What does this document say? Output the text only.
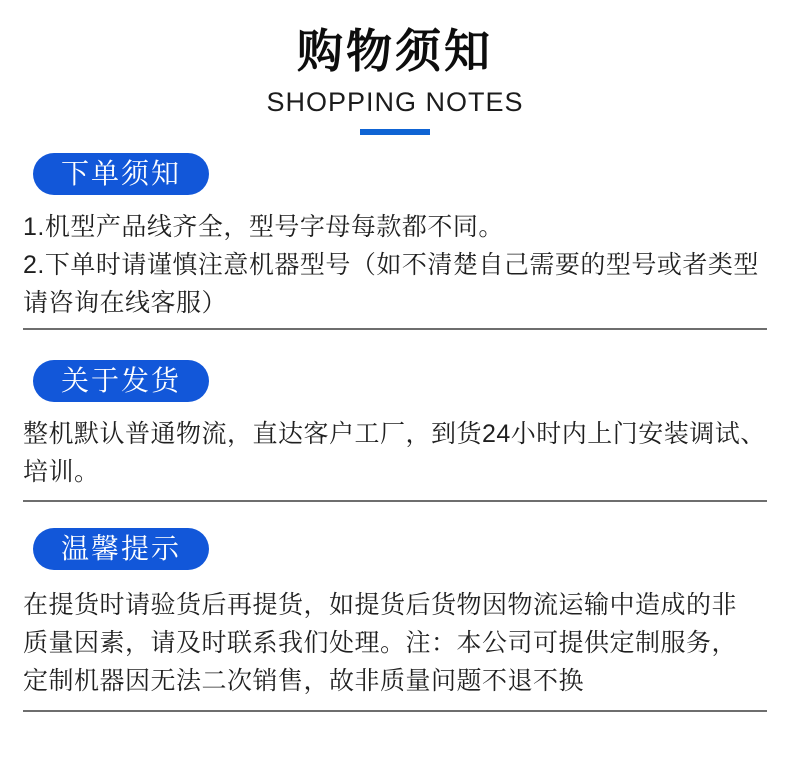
购物须知
SHOPPING NOTES
下单须知
1.机型产品线齐全，型号字母每款都不同。
2.下单时请谨慎注意机器型号（如不清楚自己需要的型号或者类型
请咨询在线客服）
关于发货
整机默认普通物流，直达客户工厂，到货24小时内上门安装调试、
培训。
温馨提示
在提货时请验货后再提货，如提货后货物因物流运输中造成的非
质量因素，请及时联系我们处理。注：本公司可提供定制服务，
定制机器因无法二次销售，故非质量问题不退不换
